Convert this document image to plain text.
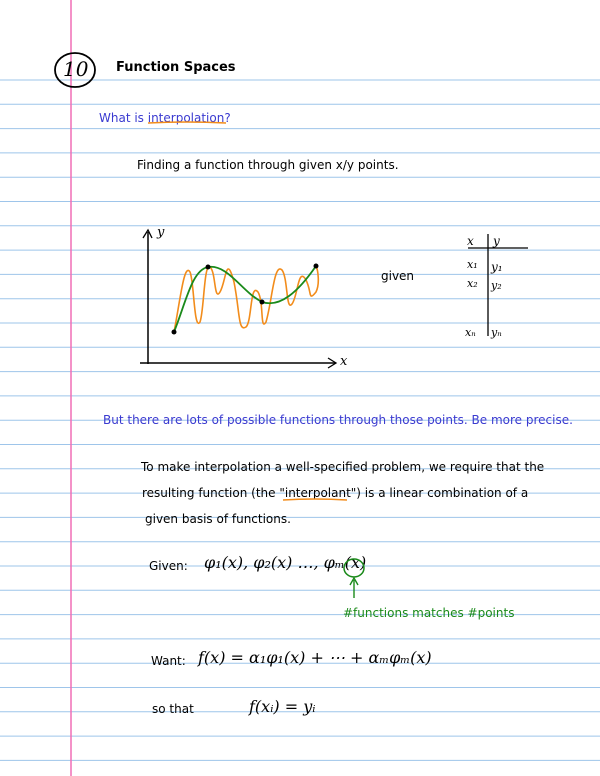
10 Function Spaces
What is interpolation?
Finding a function through given x/y points.
y
x
given
x y
x₁ y₁
x₂ y₂
xₙ yₙ
But there are lots of possible functions through those points. Be more precise.
To make interpolation a well-specified problem, we require that the
resulting function (the "interpolant") is a linear combination of a
given basis of functions.
Given: φ₁(x), φ₂(x) …, φₘ(x)
#functions matches #points
Want: f(x) = α₁φ₁(x) + ⋯ + αₘφₘ(x)
so that	f(xᵢ) = yᵢ
